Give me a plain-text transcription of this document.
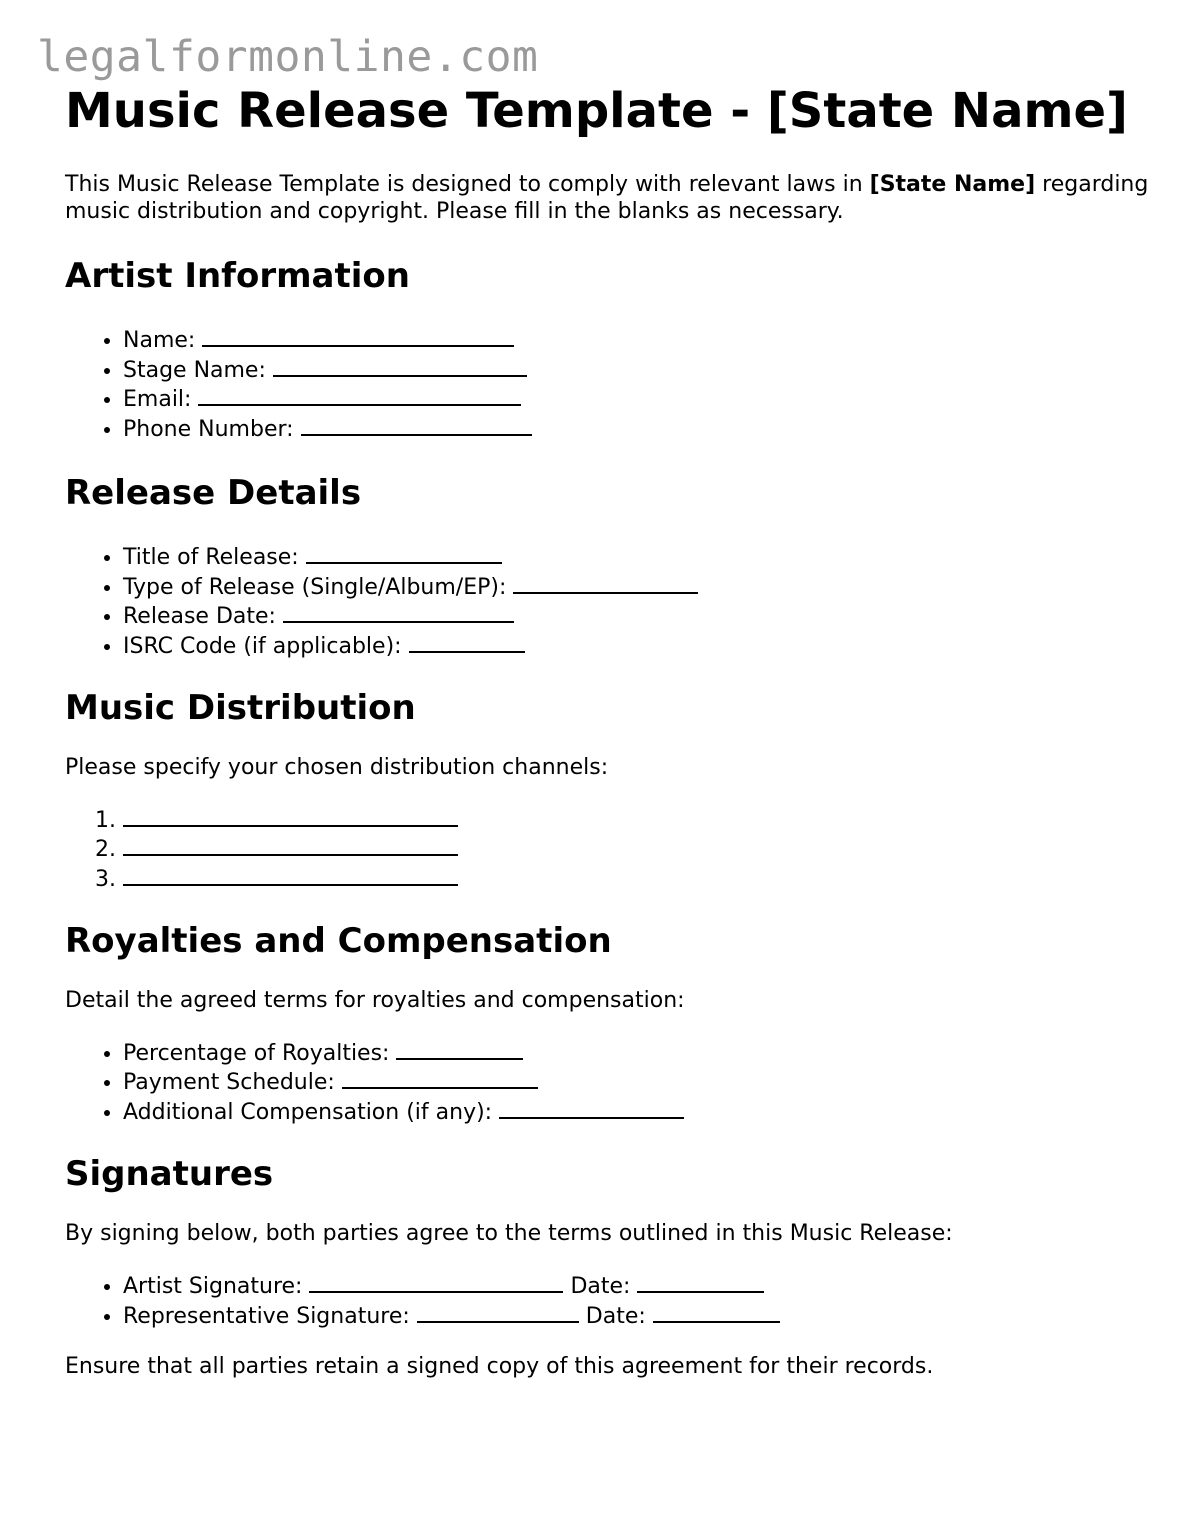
legalformonline.com
Music Release Template - [State Name]

This Music Release Template is designed to comply with relevant laws in [State Name] regarding music distribution and copyright. Please fill in the blanks as necessary.

Artist Information
• Name:
• Stage Name:
• Email:
• Phone Number:
Release Details
• Title of Release:
• Type of Release (Single/Album/EP):
• Release Date:
• ISRC Code (if applicable):
Music Distribution

Please specify your chosen distribution channels:

1.
2.
3.
Royalties and Compensation

Detail the agreed terms for royalties and compensation:

• Percentage of Royalties:
• Payment Schedule:
• Additional Compensation (if any):
Signatures

By signing below, both parties agree to the terms outlined in this Music Release:

• Artist Signature:	Date:
• Representative Signature:	Date:

Ensure that all parties retain a signed copy of this agreement for their records.
